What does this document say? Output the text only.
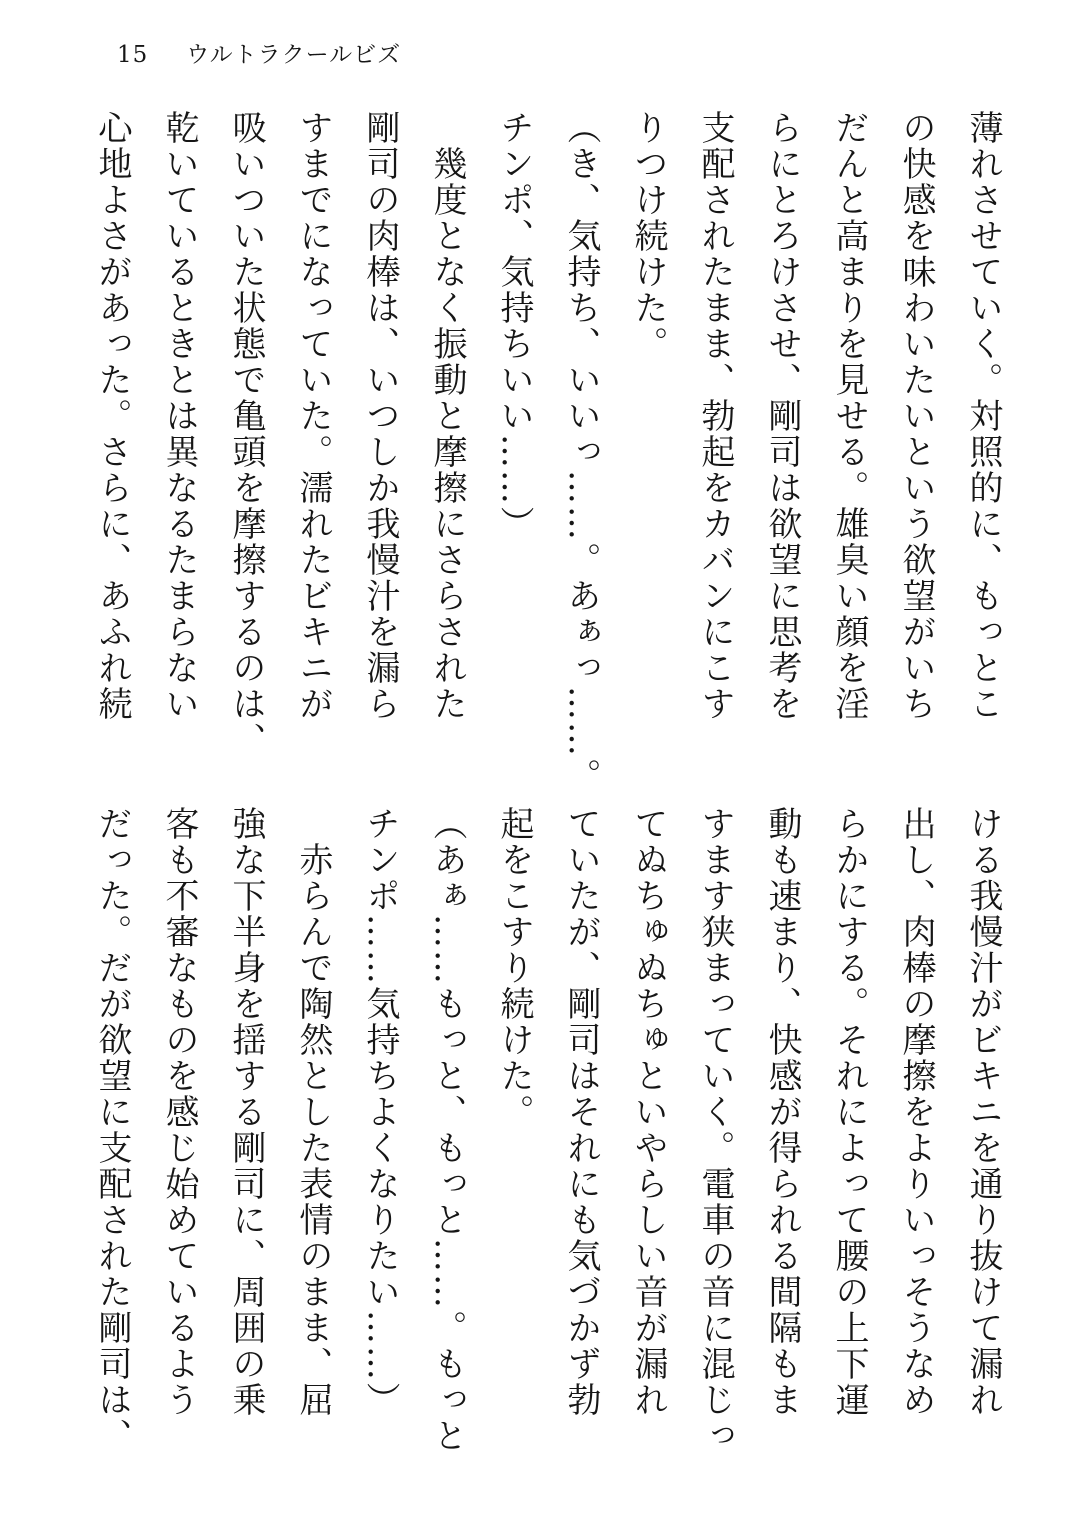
15 ウルトラクールビズ
薄れさせていく。対照的に、もっとこ
の快感を味わいたいという欲望がいち
だんと高まりを見せる。雄臭い顔を淫
らにとろけさせ、剛司は欲望に思考を
支配されたまま、勃起をカバンにこす
りつけ続けた。
（き、気持ち、いいっ……。あぁっ……。
チンポ、気持ちいい……）
幾度となく振動と摩擦にさらされた
剛司の肉棒は、いつしか我慢汁を漏ら
すまでになっていた。濡れたビキニが
吸いついた状態で亀頭を摩擦するのは、
乾いているときとは異なるたまらない
心地よさがあった。さらに、あふれ続
ける我慢汁がビキニを通り抜けて漏れ
出し、肉棒の摩擦をよりいっそうなめ
らかにする。それによって腰の上下運
動も速まり、快感が得られる間隔もま
すます狭まっていく。電車の音に混じっ
てぬちゅぬちゅといやらしい音が漏れ
ていたが、剛司はそれにも気づかず勃
起をこすり続けた。
（あぁ……もっと、もっと……。もっと
チンポ……気持ちよくなりたい……）
赤らんで陶然とした表情のまま、屈
強な下半身を揺する剛司に、周囲の乗
客も不審なものを感じ始めているよう
だった。だが欲望に支配された剛司は、
